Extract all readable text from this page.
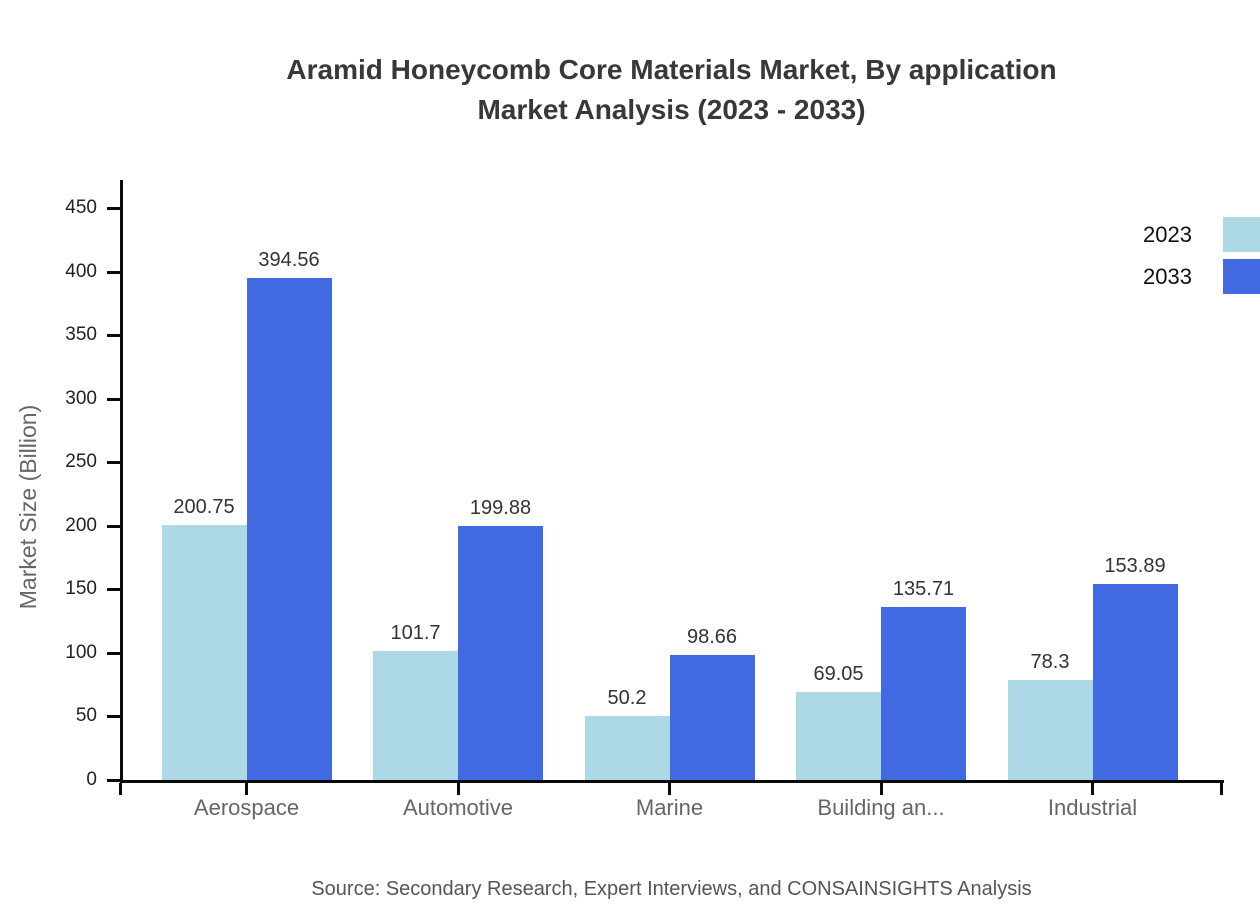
Aramid Honeycomb Core Materials Market, By application
Market Analysis (2023 - 2033)
Market Size (Billion)
0
50
100
150
200
250
300
350
400
450
200.75
101.7
50.2
69.05
78.3
394.56
199.88
98.66
135.71
153.89
Aerospace	Automotive	Marine	Building an...	Industrial
2023
2033
Source: Secondary Research, Expert Interviews, and CONSAINSIGHTS Analysis
